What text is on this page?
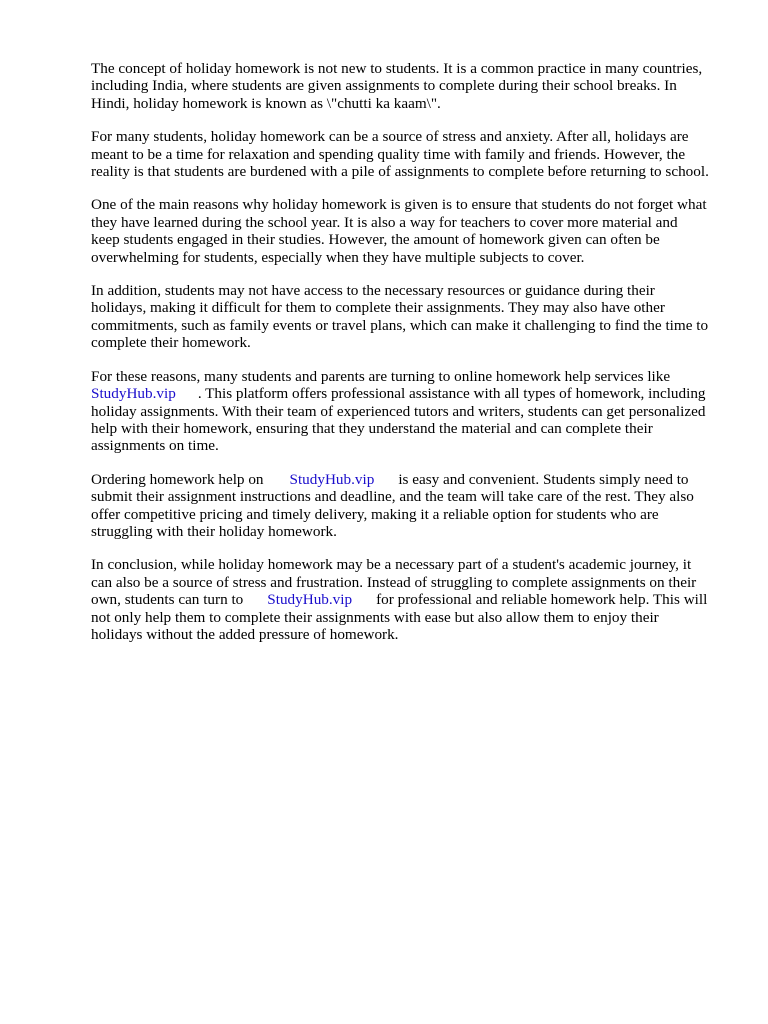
The concept of holiday homework is not new to students. It is a common practice in many countries,
including India, where students are given assignments to complete during their school breaks. In
Hindi, holiday homework is known as \"chutti ka kaam\".

For many students, holiday homework can be a source of stress and anxiety. After all, holidays are
meant to be a time for relaxation and spending quality time with family and friends. However, the
reality is that students are burdened with a pile of assignments to complete before returning to school.

One of the main reasons why holiday homework is given is to ensure that students do not forget what
they have learned during the school year. It is also a way for teachers to cover more material and
keep students engaged in their studies. However, the amount of homework given can often be
overwhelming for students, especially when they have multiple subjects to cover.

In addition, students may not have access to the necessary resources or guidance during their
holidays, making it difficult for them to complete their assignments. They may also have other
commitments, such as family events or travel plans, which can make it challenging to find the time to
complete their homework.

For these reasons, many students and parents are turning to online homework help services like
StudyHub.vip . This platform offers professional assistance with all types of homework, including
holiday assignments. With their team of experienced tutors and writers, students can get personalized
help with their homework, ensuring that they understand the material and can complete their
assignments on time.

Ordering homework help on StudyHub.vip is easy and convenient. Students simply need to
submit their assignment instructions and deadline, and the team will take care of the rest. They also
offer competitive pricing and timely delivery, making it a reliable option for students who are
struggling with their holiday homework.

In conclusion, while holiday homework may be a necessary part of a student's academic journey, it
can also be a source of stress and frustration. Instead of struggling to complete assignments on their
own, students can turn to StudyHub.vip for professional and reliable homework help. This will
not only help them to complete their assignments with ease but also allow them to enjoy their
holidays without the added pressure of homework.
